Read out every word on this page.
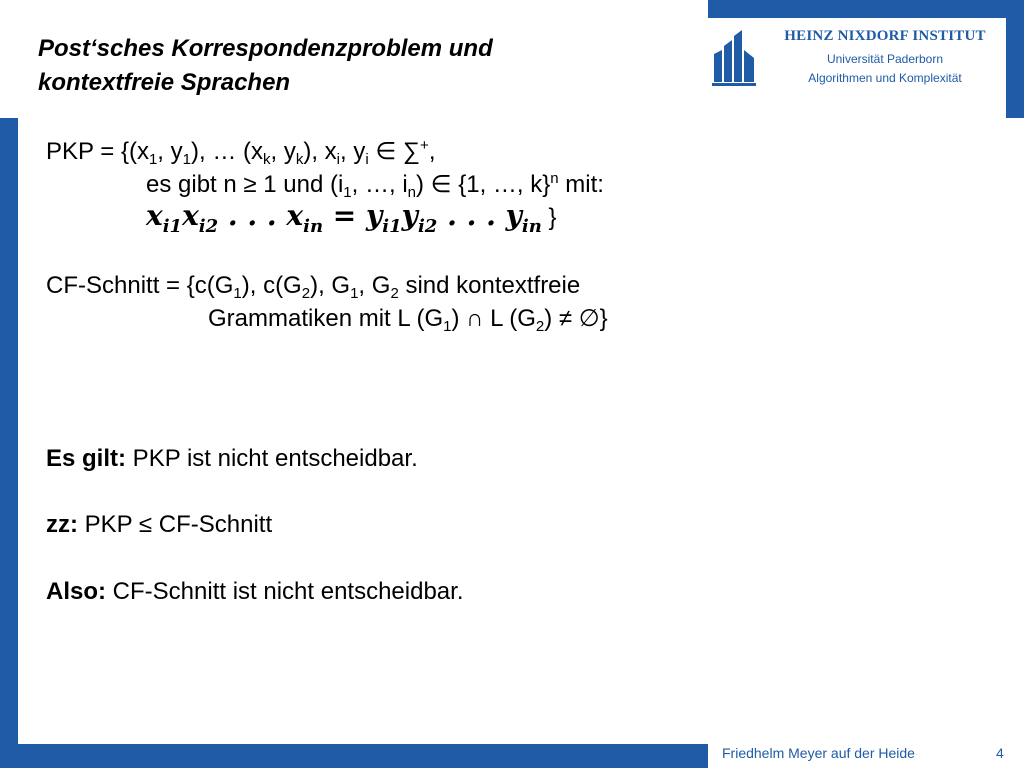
Post‘sches Korrespondenzproblem und
kontextfreie Sprachen
HEINZ NIXDORF INSTITUT
Universität Paderborn
Algorithmen und Komplexität
PKP = {($x_1$, $y_1$), … ($x_k$, $y_k$), $x_i$, $y_i$ ∈ ∑+,
es gibt n ≥ 1 und ($i_1$, …, $i_n$) ∈ {1, …, k}$^n$ mit:
$x_{i1}x_{i2}$ . . . $x_{in} = y_{i1}y_{i2}$ . . . $y_{in}$ }
CF-Schnitt = {$c(G_1)$, $c(G_2)$, $G_1$, $G_2$ sind kontextfreie
Grammatiken mit L $(G_1)$ ∩ L $(G_2)$ ≠ ∅}
Es gilt: PKP ist nicht entscheidbar.
zz: PKP ≤ CF-Schnitt
Also: CF-Schnitt ist nicht entscheidbar.
Friedhelm Meyer auf der Heide	4
